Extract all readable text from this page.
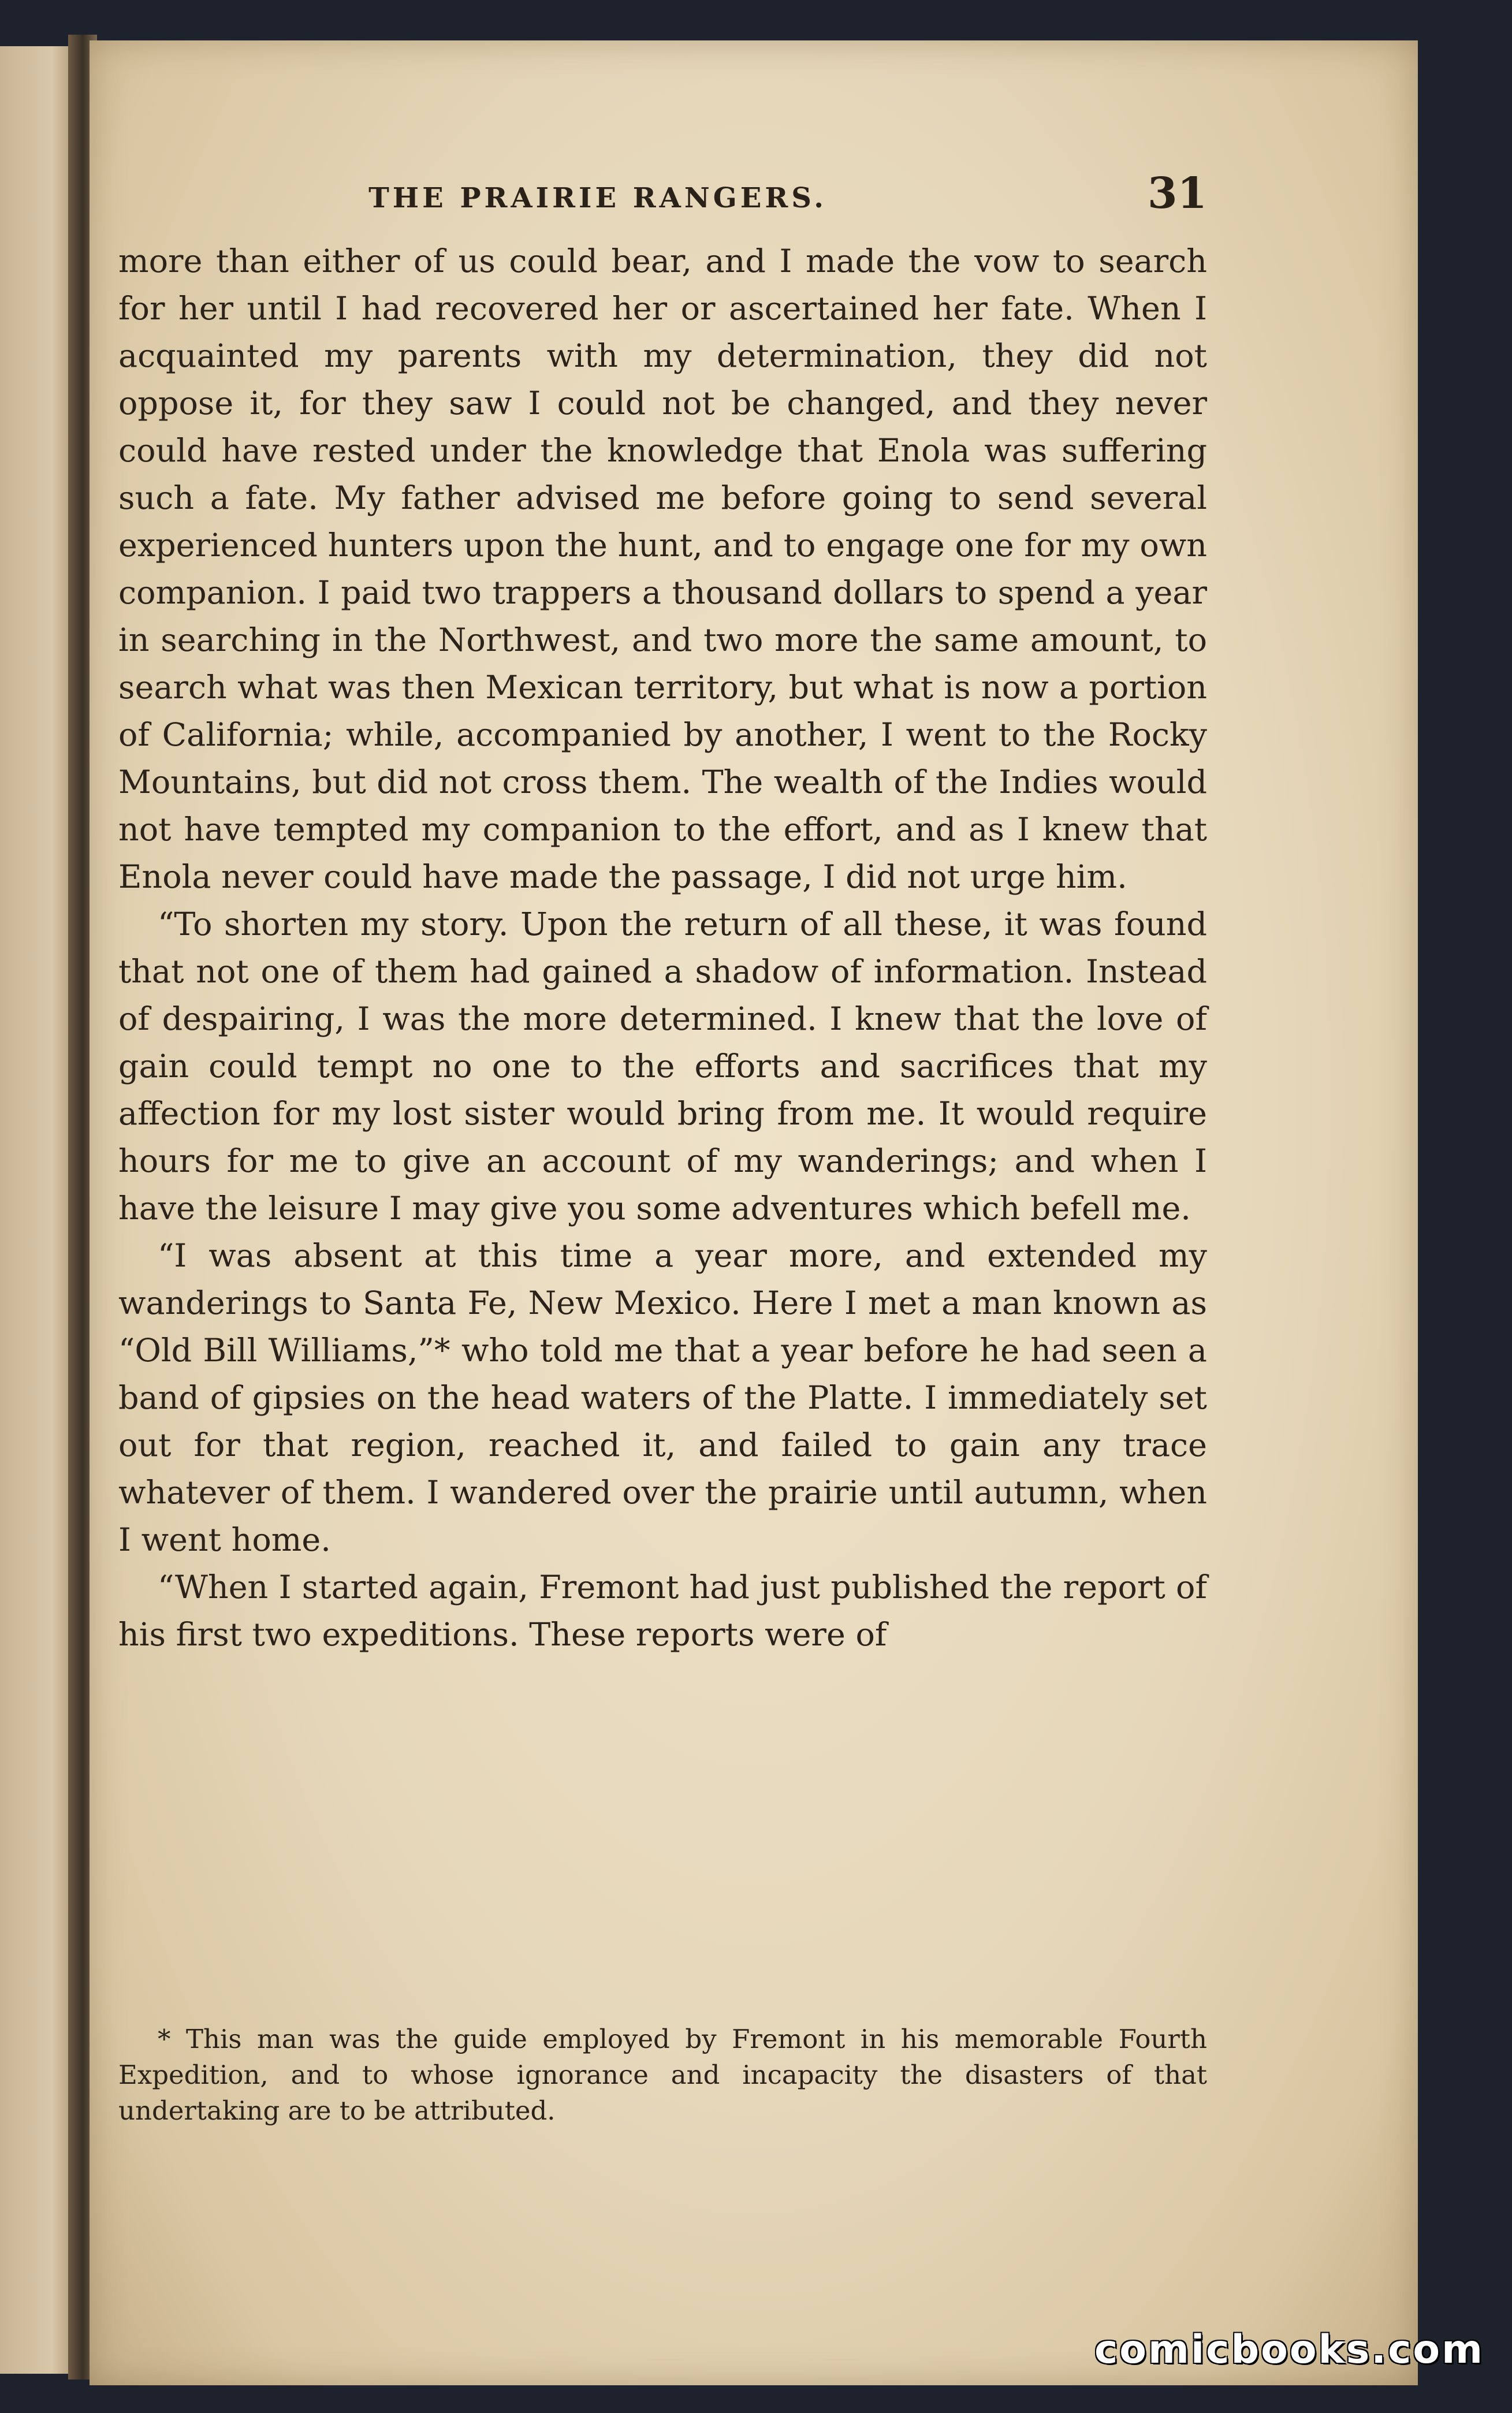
THE PRAIRIE RANGERS.	31

more than either of us could bear, and I made the vow to search for her until I had recovered her or ascertained her fate. When I acquainted my parents with my determination, they did not oppose it, for they saw I could not be changed, and they never could have rested under the knowledge that Enola was suffering such a fate. My father advised me before going to send several experienced hunters upon the hunt, and to engage one for my own companion. I paid two trappers a thousand dollars to spend a year in searching in the Northwest, and two more the same amount, to search what was then Mexican territory, but what is now a portion of California; while, accompanied by another, I went to the Rocky Mountains, but did not cross them. The wealth of the Indies would not have tempted my companion to the effort, and as I knew that Enola never could have made the passage, I did not urge him.

“To shorten my story. Upon the return of all these, it was found that not one of them had gained a shadow of information. Instead of despairing, I was the more determined. I knew that the love of gain could tempt no one to the efforts and sacrifices that my affection for my lost sister would bring from me. It would require hours for me to give an account of my wanderings; and when I have the leisure I may give you some adventures which befell me.

“I was absent at this time a year more, and extended my wanderings to Santa Fe, New Mexico. Here I met a man known as “Old Bill Williams,”* who told me that a year before he had seen a band of gipsies on the head waters of the Platte. I immediately set out for that region, reached it, and failed to gain any trace whatever of them. I wandered over the prairie until autumn, when I went home.

“When I started again, Fremont had just published the report of his first two expeditions. These reports were of

* This man was the guide employed by Fremont in his memorable Fourth Expedition, and to whose ignorance and incapacity the disasters of that undertaking are to be attributed.
comicbooks.com
